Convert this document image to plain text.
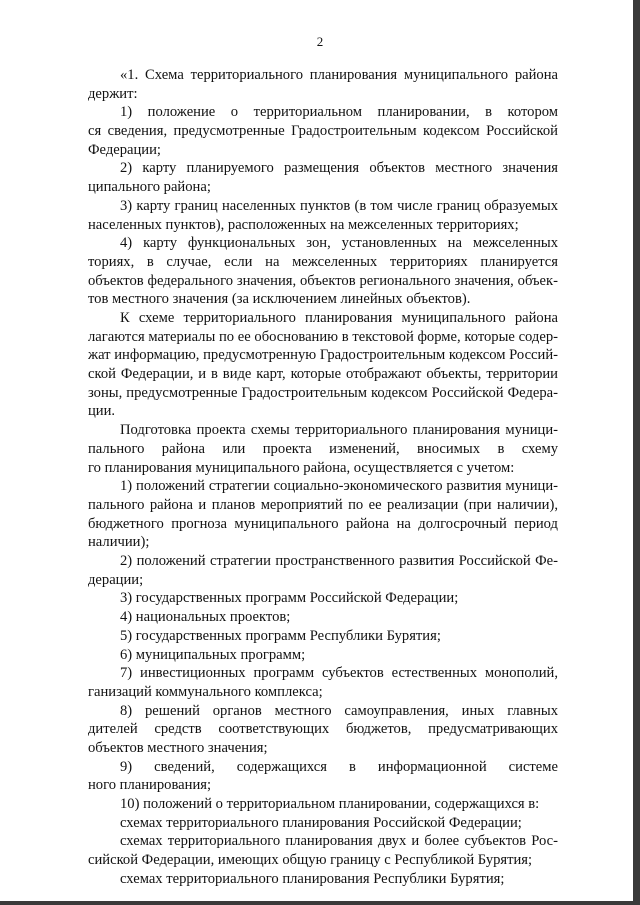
2
«1. Схема территориального планирования муниципального района
держит:
1) положение о территориальном планировании, в котором
ся сведения, предусмотренные Градостроительным кодексом Российской
Федерации;
2) карту планируемого размещения объектов местного значения
ципального района;
3) карту границ населенных пунктов (в том числе границ образуемых
населенных пунктов), расположенных на межселенных территориях;
4) карту функциональных зон, установленных на межселенных
ториях, в случае, если на межселенных территориях планируется
объектов федерального значения, объектов регионального значения, объек-
тов местного значения (за исключением линейных объектов).
К схеме территориального планирования муниципального района
лагаются материалы по ее обоснованию в текстовой форме, которые содер-
жат информацию, предусмотренную Градостроительным кодексом Россий-
ской Федерации, и в виде карт, которые отображают объекты, территории
зоны, предусмотренные Градостроительным кодексом Российской Федера-
ции.
Подготовка проекта схемы территориального планирования муници-
пального района или проекта изменений, вносимых в схему
го планирования муниципального района, осуществляется с учетом:
1) положений стратегии социально-экономического развития муници-
пального района и планов мероприятий по ее реализации (при наличии),
бюджетного прогноза муниципального района на долгосрочный период
наличии);
2) положений стратегии пространственного развития Российской Фе-
дерации;
3) государственных программ Российской Федерации;
4) национальных проектов;
5) государственных программ Республики Бурятия;
6) муниципальных программ;
7) инвестиционных программ субъектов естественных монополий,
ганизаций коммунального комплекса;
8) решений органов местного самоуправления, иных главных
дителей средств соответствующих бюджетов, предусматривающих
объектов местного значения;
9) сведений, содержащихся в информационной системе
ного планирования;
10) положений о территориальном планировании, содержащихся в:
схемах территориального планирования Российской Федерации;
схемах территориального планирования двух и более субъектов Рос-
сийской Федерации, имеющих общую границу с Республикой Бурятия;
схемах территориального планирования Республики Бурятия;
